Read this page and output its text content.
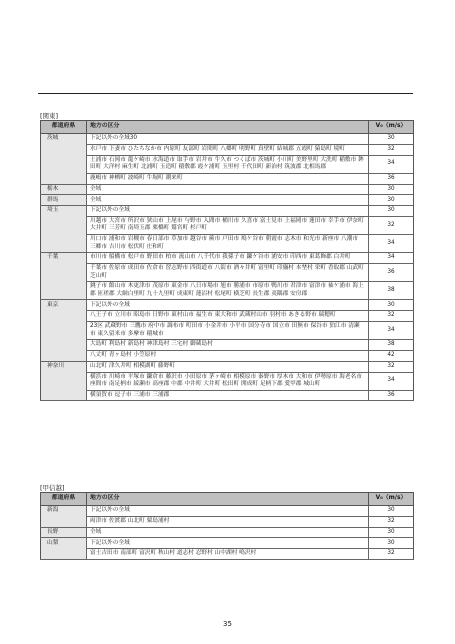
[関東]
都道府県	地方の区分	V₀（m/s）
茨城	下記以外の全域30	30
	水戸市 下妻市 ひたちなか市 内原町 友部町 岩間町 八郷町 明野町 真壁町 結城郡 五霞町 猿島町 境町	32
	土浦市 石岡市 龍ケ崎市 水海道市 取手市 岩井市 牛久市 つくば市 茨城町 小川町 美野里町 大洗町 稲敷市 鉾田町 大洋村 麻生町 北浦町 玉造町 稲敷郡 霞ケ浦町 玉里村 千代田町 新治村 筑波郡 北相馬郡	34
	鹿嶋市 神栖町 波崎町 牛堀町 潮来町	36
栃木	全域	30
群馬	全域	30
埼玉	下記以外の全域	30
	川越市 大宮市 所沢市 狭山市 上尾市 与野市 入間市 桶川市 久喜市 富士見市 上福岡市 蓮田市 幸手市 伊奈町 大井町 三芳町 南埼玉郡 栗橋町 鷲宮町 杉戸町	32
	川口市 浦和市 岩槻市 春日部市 草加市 越谷市 蕨市 戸田市 鳩ケ谷市 朝霞市 志木市 和光市 新座市 八潮市 三郷市 吉川市 松伏町 庄和町	34
千葉	市川市 船橋市 松戸市 野田市 柏市 流山市 八千代市 我孫子市 鎌ケ谷市 浦安市 印西市 東葛飾郡 白井町	34
	千葉市 佐原市 成田市 佐倉市 習志野市 四街道市 八街市 酒々井町 富里町 印旛村 本埜村 栄町 香取郡 山武町 芝山町	36
	銚子市 館山市 木更津市 茂原市 東金市 八日市場市 旭市 勝浦市 市原市 鴨川市 君津市 富津市 袖ケ浦市 海上郡 匝瑳郡 大網白里町 九十九里町 成東町 蓮沼村 松尾町 横芝町 長生郡 夷隅郡 安房郡	38
東京	下記以外の全域	30
	八王子市 立川市 昭島市 日野市 東村山市 福生市 東大和市 武蔵村山市 羽村市 あきる野市 瑞穂町	32
	23区 武蔵野市 三鷹市 府中市 調布市 町田市 小金井市 小平市 国分寺市 国立市 田無市 保谷市 狛江市 清瀬市 東久留米市 多摩市 稲城市	34
	大島町 利島村 新島村 神津島村 三宅村 御蔵島村	38
	八丈町 青ヶ島村 小笠原村	42
神奈川	山北町 津久井町 相模湖町 藤野町	32
	横浜市 川崎市 平塚市 鎌倉市 藤沢市 小田原市 茅ヶ崎市 相模原市 秦野市 厚木市 大和市 伊勢原市 海老名市 座間市 南足柄市 綾瀬市 高座郡 中郡 中井町 大井町 松田町 開成町 足柄下郡 愛甲郡 城山町	34
	横須賀市 逗子市 三浦市 三浦郡	36
[甲信越]
都道府県	地方の区分	V₀（m/s）
新潟	下記以外の全域	30
	両津市 佐渡郡 山北町 粟島浦村	32
長野	全域	30
山梨	下記以外の全域	30
	富士吉田市 南部町 富沢町 秋山村 道志村 忍野村 山中湖村 鳴沢村	32
35
